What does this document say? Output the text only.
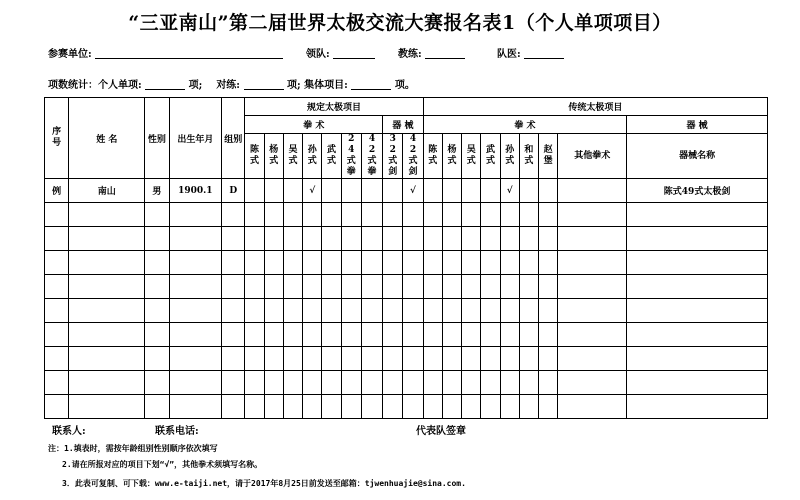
“三亚南山”第二届世界太极交流大赛报名表1（个人单项项目）
参赛单位:	领队:	教练:	队医:
项数统计：个人单项:	项; 对练:	项; 集体项目:	项。
序号	姓 名	性别	出生年月	组别	规定太极项目									传统太极项目								
					拳 术							器 械		拳 术								器 械
					陈式	杨式	吴式	孙式	武式	24式拳	42式拳	32式剑	42式剑	陈式	杨式	吴式	武式	孙式	和式	赵堡	其他拳术	器械名称
例	南山	男	1900.1	D				√					√					√				陈式49式太极剑

联系人:	联系电话:	代表队签章
注：1.填表时，需按年龄组别性别顺序依次填写
2.请在所报对应的项目下划“√”，其他拳术须填写名称。
3．此表可复制、可下载：www.e-taiji.net，请于2017年8月25日前发送至邮箱：tjwenhuajie@sina.com.
